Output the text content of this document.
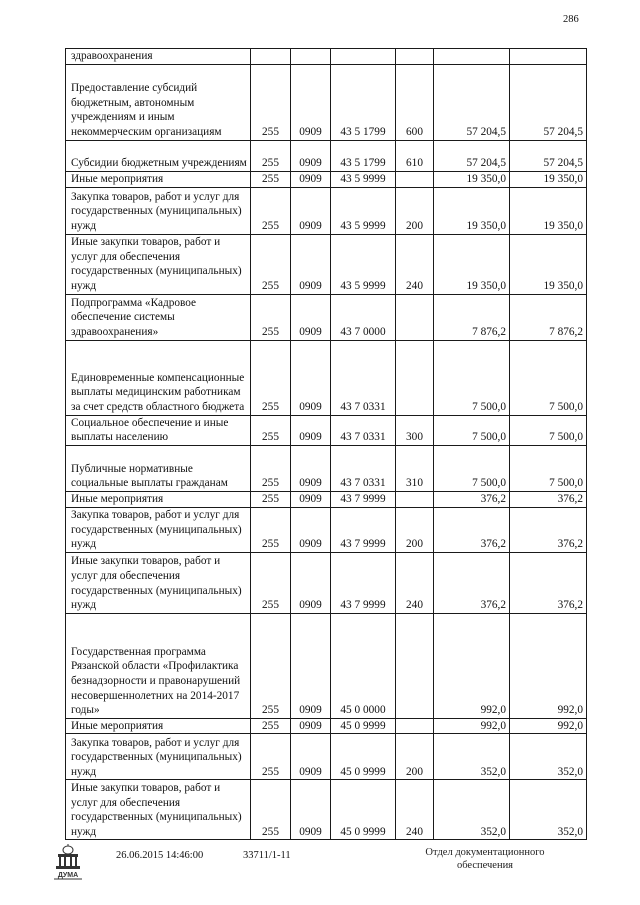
286
здравоохранения						
Предоставление субсидий бюджетным, автономным учреждениям и иным некоммерческим организациям	255	0909	43 5 1799	600	57 204,5	57 204,5
Субсидии бюджетным учреждениям	255	0909	43 5 1799	610	57 204,5	57 204,5
Иные мероприятия	255	0909	43 5 9999		19 350,0	19 350,0
Закупка товаров, работ и услуг для государственных (муниципальных) нужд	255	0909	43 5 9999	200	19 350,0	19 350,0
Иные закупки товаров, работ и услуг для обеспечения государственных (муниципальных) нужд	255	0909	43 5 9999	240	19 350,0	19 350,0
Подпрограмма «Кадровое обеспечение системы здравоохранения»	255	0909	43 7 0000		7 876,2	7 876,2
Единовременные компенсационные выплаты медицинским работникам за счет средств областного бюджета	255	0909	43 7 0331		7 500,0	7 500,0
Социальное обеспечение и иные выплаты населению	255	0909	43 7 0331	300	7 500,0	7 500,0
Публичные нормативные социальные выплаты гражданам	255	0909	43 7 0331	310	7 500,0	7 500,0
Иные мероприятия	255	0909	43 7 9999		376,2	376,2
Закупка товаров, работ и услуг для государственных (муниципальных) нужд	255	0909	43 7 9999	200	376,2	376,2
Иные закупки товаров, работ и услуг для обеспечения государственных (муниципальных) нужд	255	0909	43 7 9999	240	376,2	376,2
Государственная программа Рязанской области «Профилактика безнадзорности и правонарушений несовершеннолетних на 2014-2017 годы»	255	0909	45 0 0000		992,0	992,0
Иные мероприятия	255	0909	45 0 9999		992,0	992,0
Закупка товаров, работ и услуг для государственных (муниципальных) нужд	255	0909	45 0 9999	200	352,0	352,0
Иные закупки товаров, работ и услуг для обеспечения государственных (муниципальных) нужд	255	0909	45 0 9999	240	352,0	352,0
ДУМА
26.06.2015 14:46:00	33711/1-11	Отдел документационного
обеспечения
